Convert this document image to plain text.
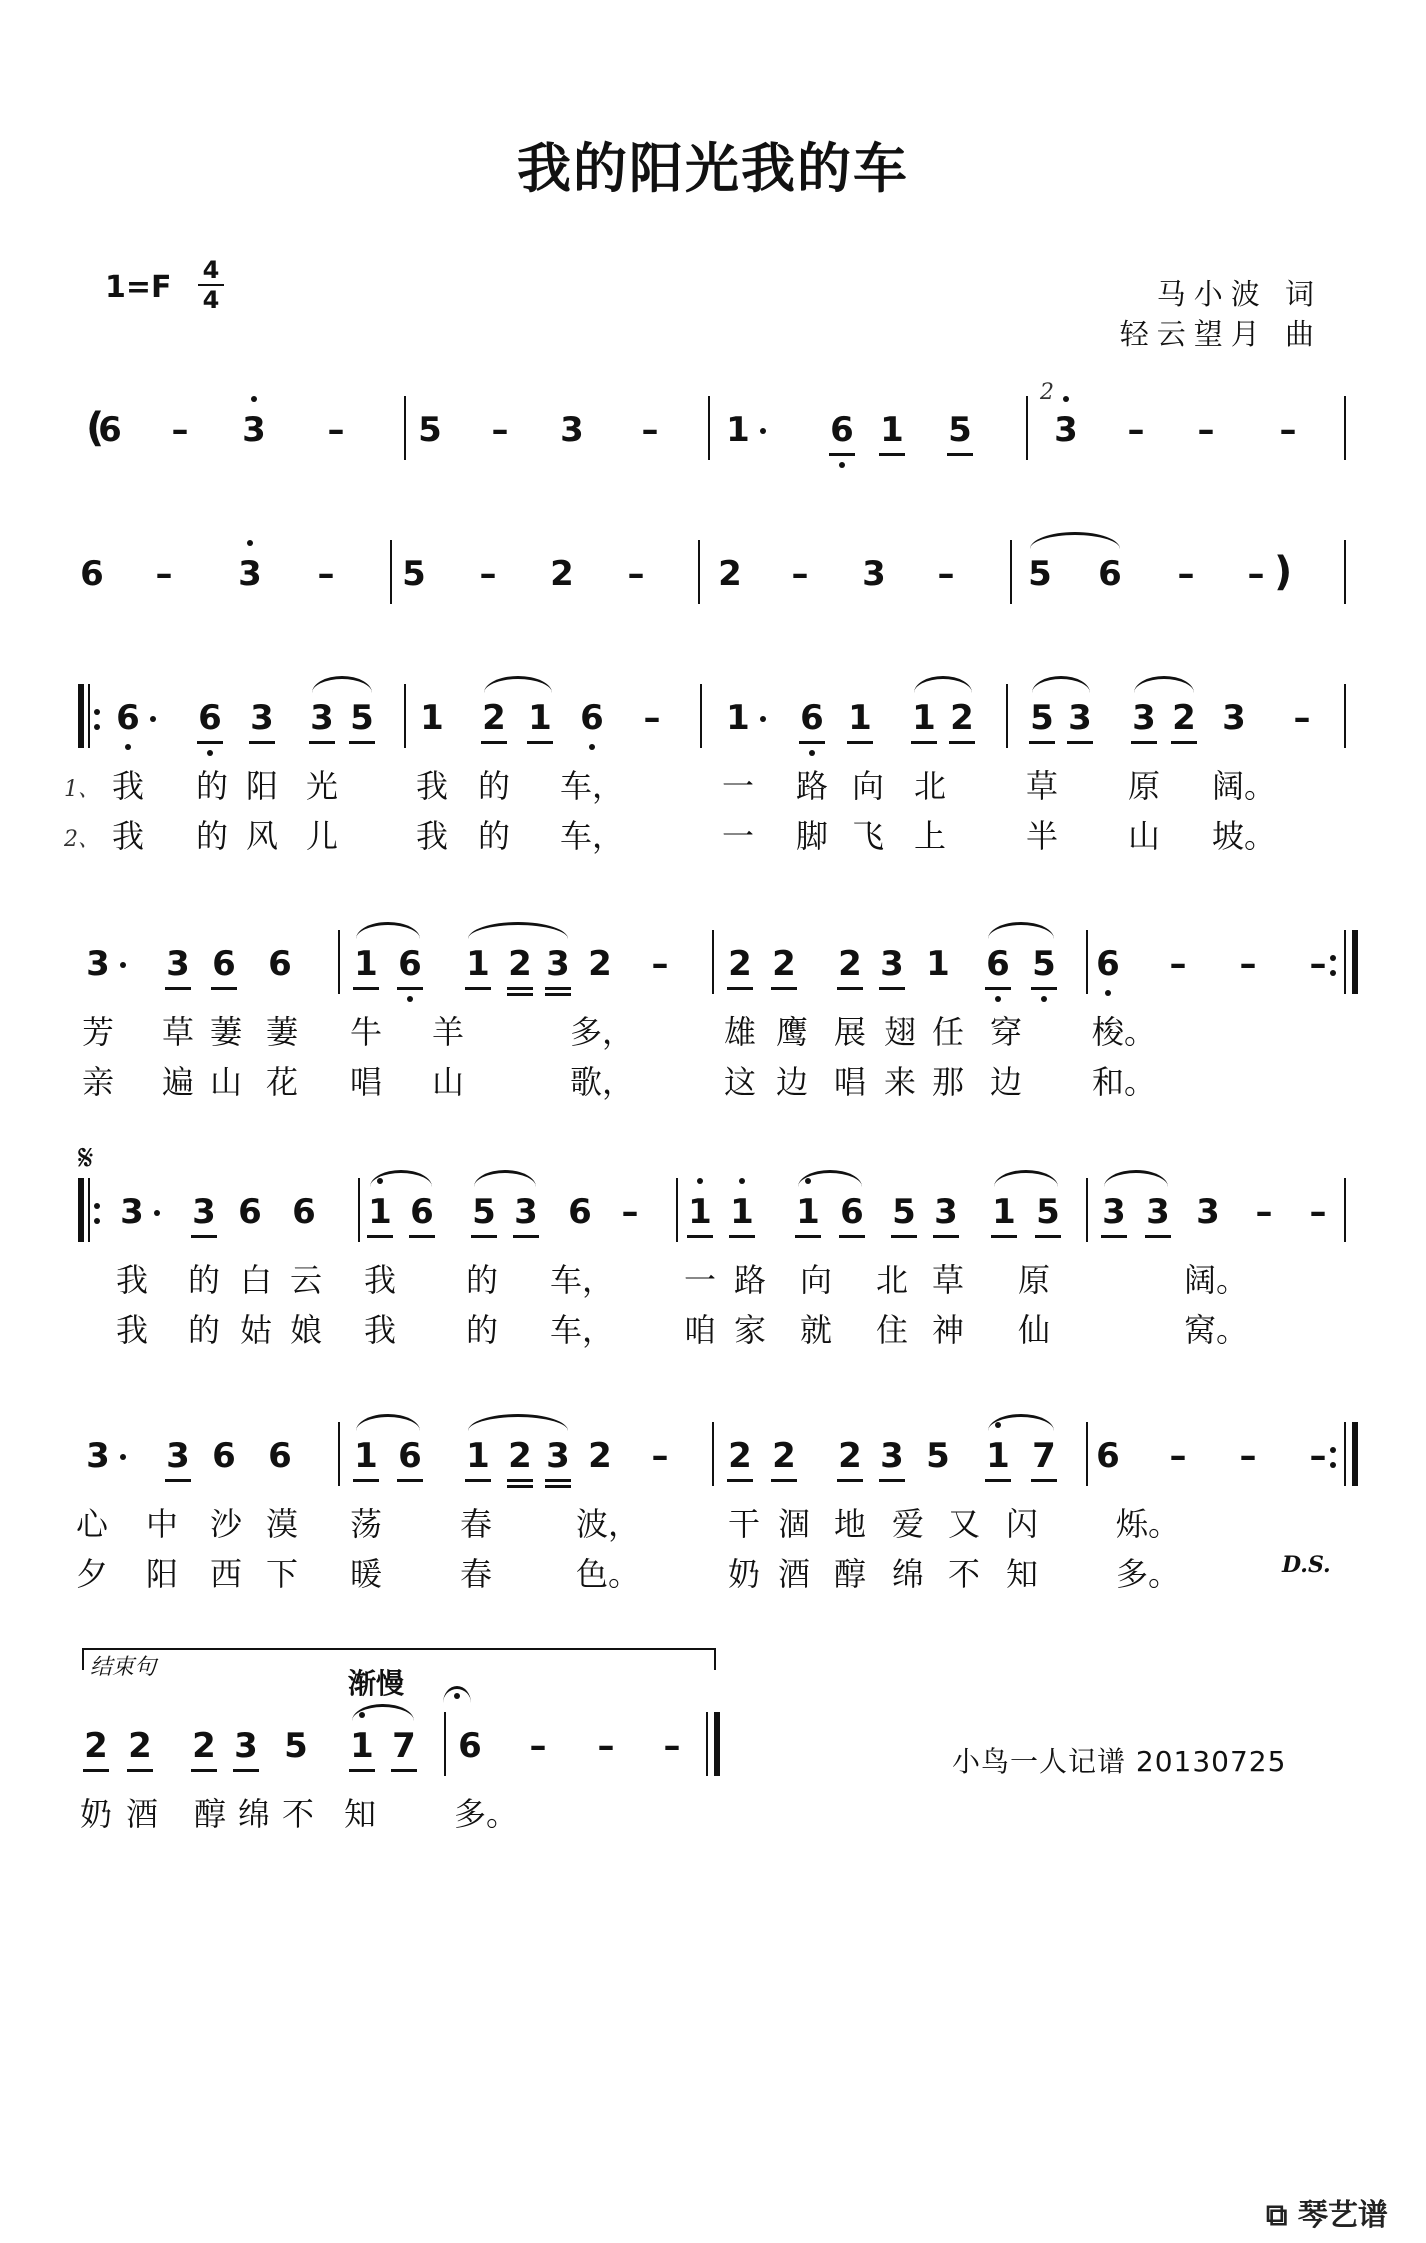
我的阳光我的车
1=F 4
4	马小波 词
轻云望月 曲
𝄋
D.S.
结束句	渐慢
小鸟一人记谱 20130725
⧉ 琴艺谱
(
6 – 3 – 5 – 3 – 1 6 1 5 3 – – –
2
6 – 3 – 5 – 2 – 2 – 3 – 5 6 – – )
6 6 3 3 5 1 2 1 6 – 1 6 1 1 2 5 3 3 2 3 –
我	的 阳 光	我 的	车，	一	路 向 北	草	原	阔。
我	的 风 儿	我 的	车，	一	脚 飞 上	半	山	坡。
1、
2、
3 3 6 6 1 6 1 2 3 2 – 2 2 2 3 1 6 5 6 – – –
芳	草 萋 萋	牛	羊	多，	雄 鹰 展 翅 任 穿	梭。
亲	遍 山 花	唱	山	歌，	这 边 唱 来 那 边	和。
3 3 6 6 1 6 5 3 6 – 1 1 1 6 5 3 1 5 3 3 3 – –
我	的 白 云	我	的	车，	一 路	向	北 草	原	阔。
我	的 姑 娘	我	的	车，	咱 家	就	住 神	仙	窝。
3 3 6 6 1 6 1 2 3 2 – 2 2 2 3 5 1 7 6 – – –
心	中 沙 漠	荡	春	波，	干 涸 地 爱 又 闪	烁。
夕	阳 西 下	暖	春	色。	奶 酒 醇 绵 不 知	多。
2 2 2 3 5 1 7 6 – – –
奶 酒	醇 绵 不 知	多。
